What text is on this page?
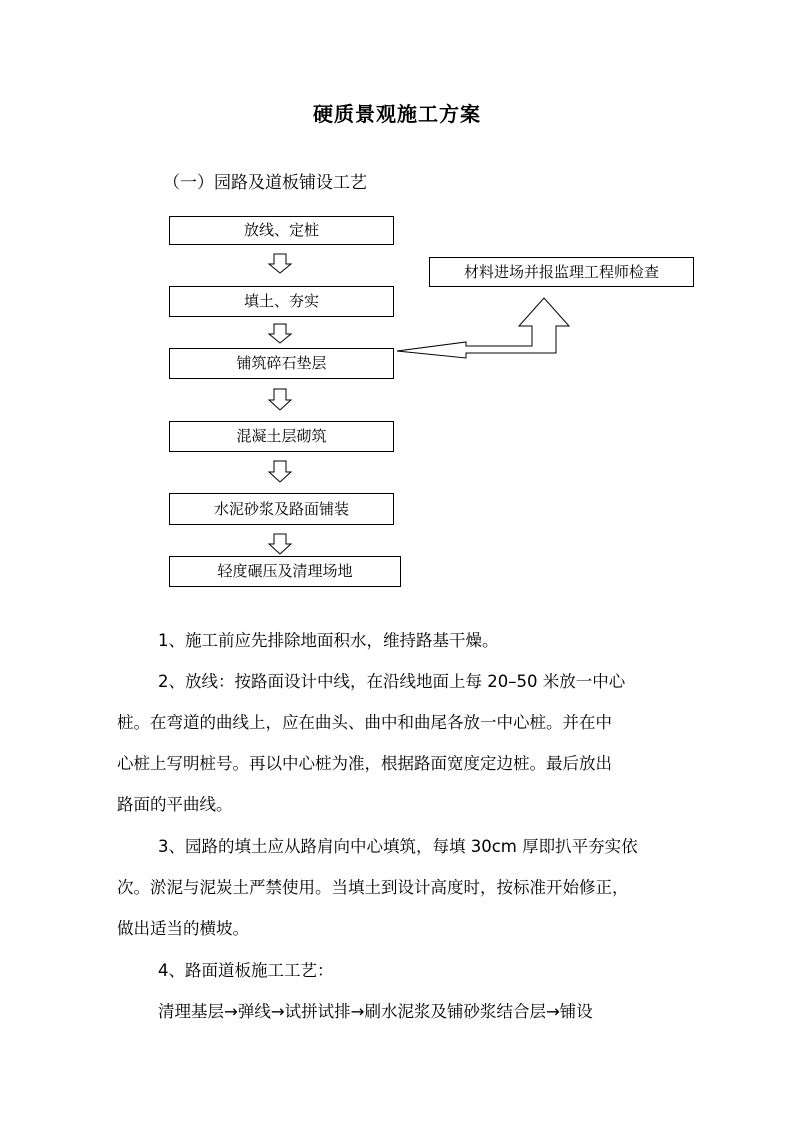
硬质景观施工方案
（一）园路及道板铺设工艺
放线、定桩
填土、夯实
铺筑碎石垫层
混凝土层砌筑
水泥砂浆及路面铺装
轻度碾压及清理场地
材料进场并报监理工程师检查
1、施工前应先排除地面积水，维持路基干燥。
2、放线：按路面设计中线，在沿线地面上每 20–50 米放一中心
桩。在弯道的曲线上，应在曲头、曲中和曲尾各放一中心桩。并在中
心桩上写明桩号。再以中心桩为准，根据路面宽度定边桩。最后放出
路面的平曲线。
3、园路的填土应从路肩向中心填筑，每填 30cm 厚即扒平夯实依
次。淤泥与泥炭土严禁使用。当填土到设计高度时，按标准开始修正，
做出适当的横坡。
4、路面道板施工工艺：
清理基层→弹线→试拼试排→刷水泥浆及铺砂浆结合层→铺设
